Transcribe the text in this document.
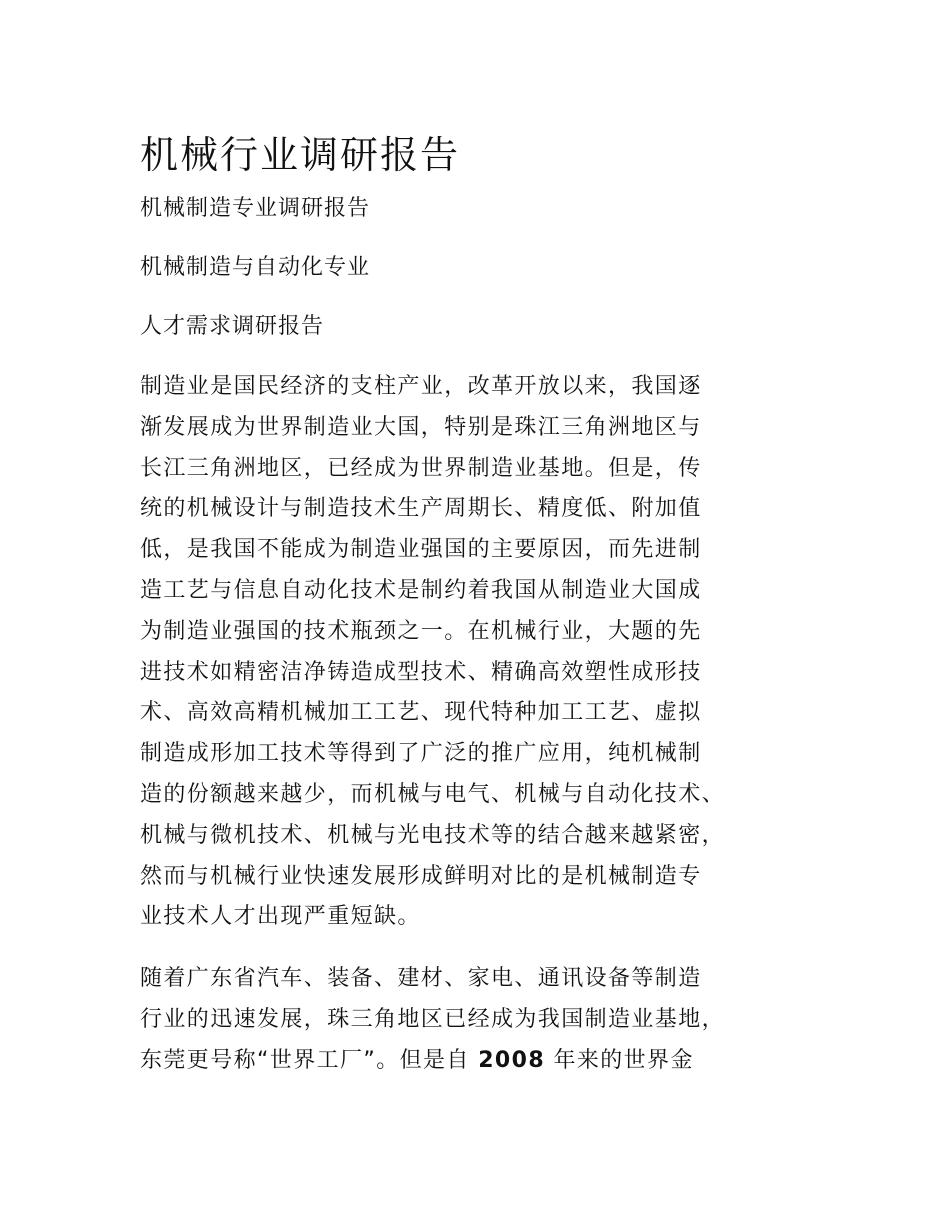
机械行业调研报告
机械制造专业调研报告
机械制造与自动化专业
人才需求调研报告
制造业是国民经济的支柱产业，改革开放以来，我国逐
渐发展成为世界制造业大国，特别是珠江三角洲地区与
长江三角洲地区，已经成为世界制造业基地。但是，传
统的机械设计与制造技术生产周期长、精度低、附加值
低，是我国不能成为制造业强国的主要原因，而先进制
造工艺与信息自动化技术是制约着我国从制造业大国成
为制造业强国的技术瓶颈之一。在机械行业，大题的先
进技术如精密洁净铸造成型技术、精确高效塑性成形技
术、高效高精机械加工工艺、现代特种加工工艺、虚拟
制造成形加工技术等得到了广泛的推广应用，纯机械制
造的份额越来越少，而机械与电气、机械与自动化技术、
机械与微机技术、机械与光电技术等的结合越来越紧密，
然而与机械行业快速发展形成鲜明对比的是机械制造专
业技术人才出现严重短缺。
随着广东省汽车、装备、建材、家电、通讯设备等制造
行业的迅速发展，珠三角地区已经成为我国制造业基地，
东莞更号称“世界工厂”。但是自 2008 年来的世界金
